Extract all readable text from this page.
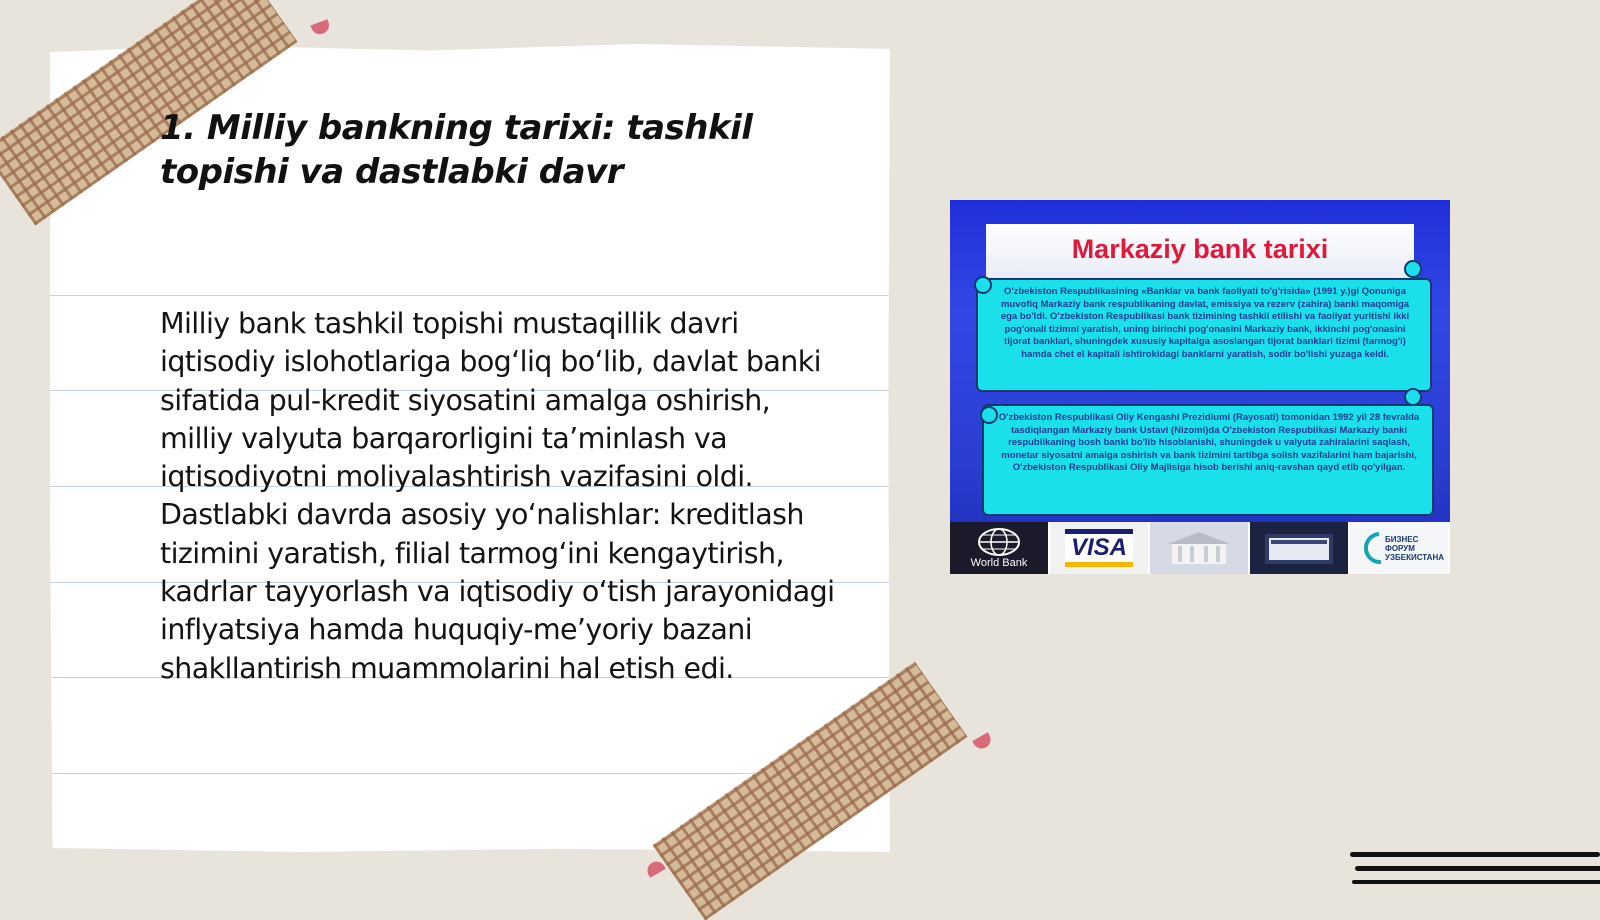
1. Milliy bankning tarixi: tashkil topishi va dastlabki davr

Milliy bank tashkil topishi mustaqillik davri iqtisodiy islohotlariga bog‘liq bo‘lib, davlat banki sifatida pul-kredit siyosatini amalga oshirish, milliy valyuta barqarorligini ta’minlash va iqtisodiyotni moliyalashtirish vazifasini oldi. Dastlabki davrda asosiy yo‘nalishlar: kreditlash tizimini yaratish, filial tarmog‘ini kengaytirish, kadrlar tayyorlash va iqtisodiy o‘tish jarayonidagi inflyatsiya hamda huquqiy-me’yoriy bazani shakllantirish muammolarini hal etish edi.

Markaziy bank tarixi
O'zbekiston Respublikasining «Banklar va bank faoliyati to'g'risida» (1991 y.)gi Qonuniga muvofiq Markaziy bank respublikaning davlat, emissiya va rezerv (zahira) banki maqomiga ega bo'ldi. O'zbekiston Respublikasi bank tizimining tashkil etilishi va faoliyat yuritishi ikki pog'onali tizimni yaratish, uning birinchi pog'onasini Markaziy bank, ikkinchi pog'onasini tijorat banklari, shuningdek xususiy kapitalga asoslangan tijorat banklari tizimi (tarmog'i) hamda chet el kapitali ishtirokidagi banklarni yaratish, sodir bo'lishi yuzaga keldi.
O'zbekiston Respublikasi Oliy Kengashi Prezidiumi (Rayosati) tomonidan 1992 yil 28 fevralda tasdiqlangan Markaziy bank Ustavi (Nizomi)da O'zbekiston Respublikasi Markaziy banki respublikaning bosh banki bo'lib hisoblanishi, shuningdek u valyuta zahiralarini saqlash, monetar siyosatni amalga oshirish va bank tizimini tartibga solish vazifalarini ham bajarishi, O'zbekiston Respublikasi Oliy Majlisiga hisob berishi aniq-ravshan qayd etib qo'yilgan.
World Bank
VISA	БИЗНЕС ФОРУМ УЗБЕКИСТАНА
